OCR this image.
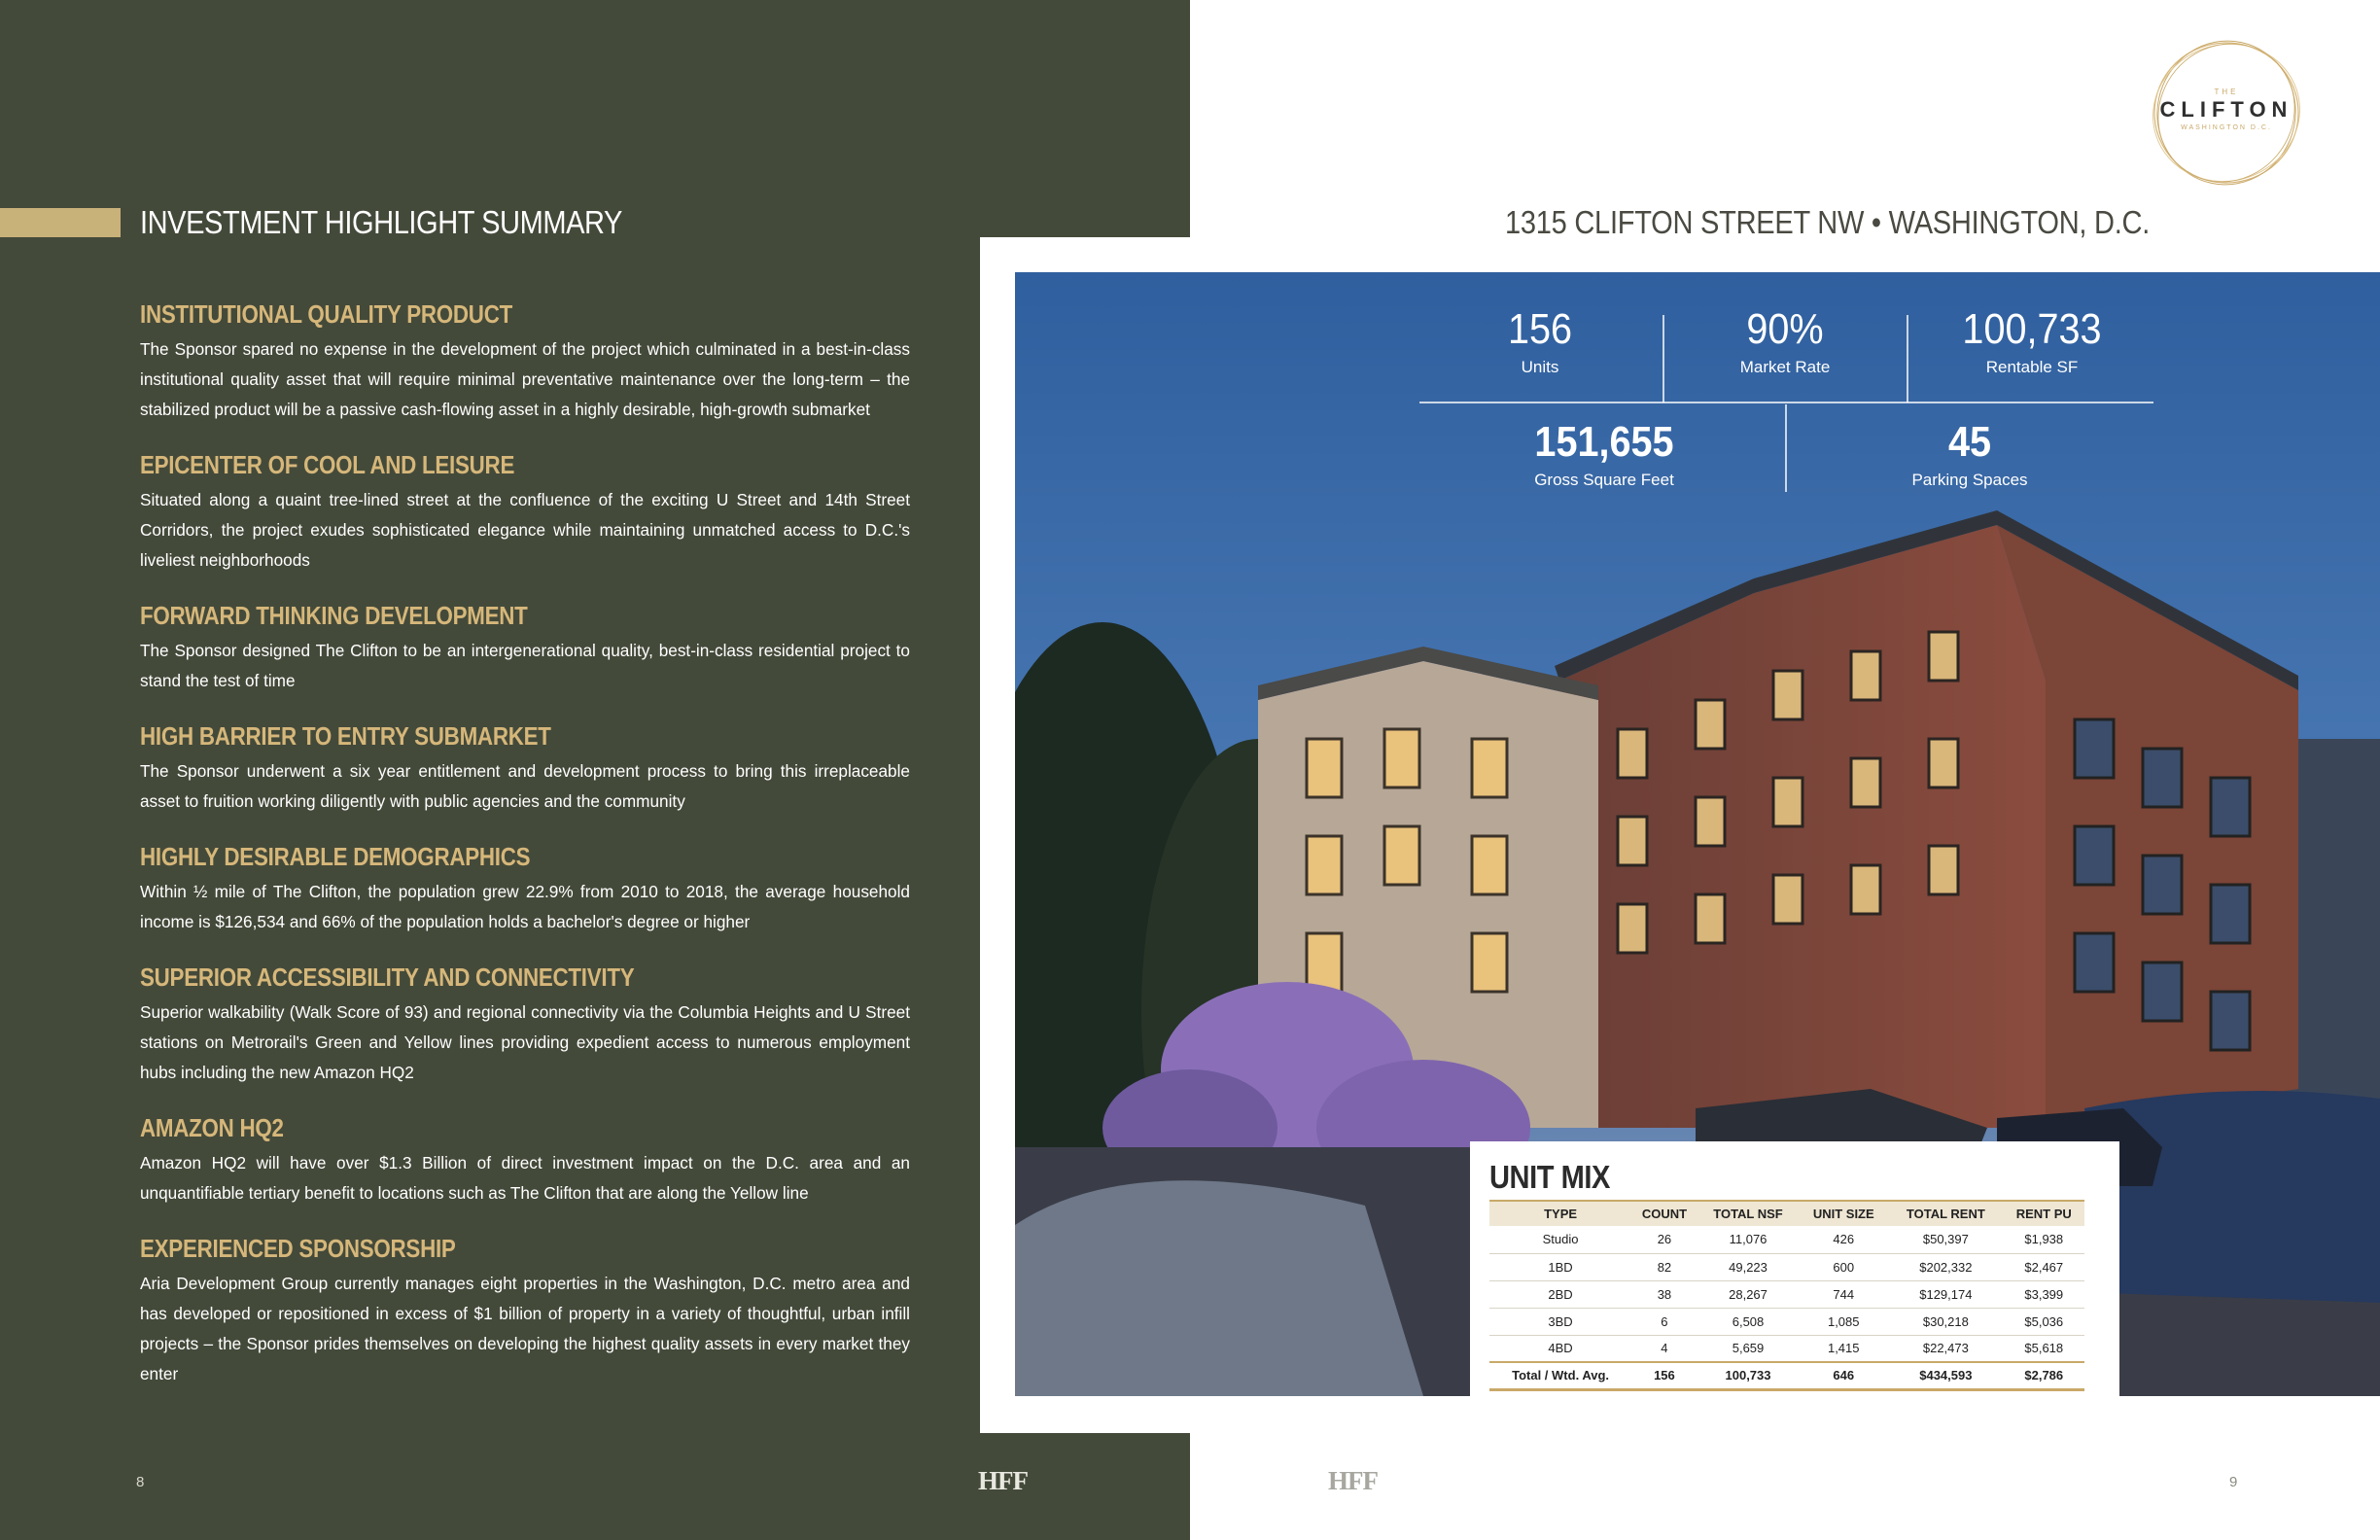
INVESTMENT HIGHLIGHT SUMMARY
INSTITUTIONAL QUALITY PRODUCT

The Sponsor spared no expense in the development of the project which culminated in a best-in-class institutional quality asset that will require minimal preventative maintenance over the long-term – the stabilized product will be a passive cash-flowing asset in a highly desirable, high-growth submarket

EPICENTER OF COOL AND LEISURE

Situated along a quaint tree-lined street at the confluence of the exciting U Street and 14th Street Corridors, the project exudes sophisticated elegance while maintaining unmatched access to D.C.'s liveliest neighborhoods

FORWARD THINKING DEVELOPMENT

The Sponsor designed The Clifton to be an intergenerational quality, best-in-class residential project to stand the test of time

HIGH BARRIER TO ENTRY SUBMARKET

The Sponsor underwent a six year entitlement and development process to bring this irreplaceable asset to fruition working diligently with public agencies and the community

HIGHLY DESIRABLE DEMOGRAPHICS

Within ½ mile of The Clifton, the population grew 22.9% from 2010 to 2018, the average household income is $126,534 and 66% of the population holds a bachelor's degree or higher

SUPERIOR ACCESSIBILITY AND CONNECTIVITY

Superior walkability (Walk Score of 93) and regional connectivity via the Columbia Heights and U Street stations on Metrorail's Green and Yellow lines providing expedient access to numerous employment hubs including the new Amazon HQ2

AMAZON HQ2

Amazon HQ2 will have over $1.3 Billion of direct investment impact on the D.C. area and an unquantifiable tertiary benefit to locations such as The Clifton that are along the Yellow line

EXPERIENCED SPONSORSHIP

Aria Development Group currently manages eight properties in the Washington, D.C. metro area and has developed or repositioned in excess of $1 billion of property in a variety of thoughtful, urban infill projects – the Sponsor prides themselves on developing the highest quality assets in every market they enter

8	HFF
THE
CLIFTON
WASHINGTON D.C.
1315 CLIFTON STREET NW • WASHINGTON, D.C.
156
Units
90%
Market Rate
100,733
Rentable SF
151,655
Gross Square Feet
45
Parking Spaces
UNIT MIX
TYPE	COUNT	TOTAL NSF	UNIT SIZE	TOTAL RENT	RENT PU
Studio	26	11,076	426	$50,397	$1,938
1BD	82	49,223	600	$202,332	$2,467
2BD	38	28,267	744	$129,174	$3,399
3BD	6	6,508	1,085	$30,218	$5,036
4BD	4	5,659	1,415	$22,473	$5,618
Total / Wtd. Avg.	156	100,733	646	$434,593	$2,786
HFF	9
